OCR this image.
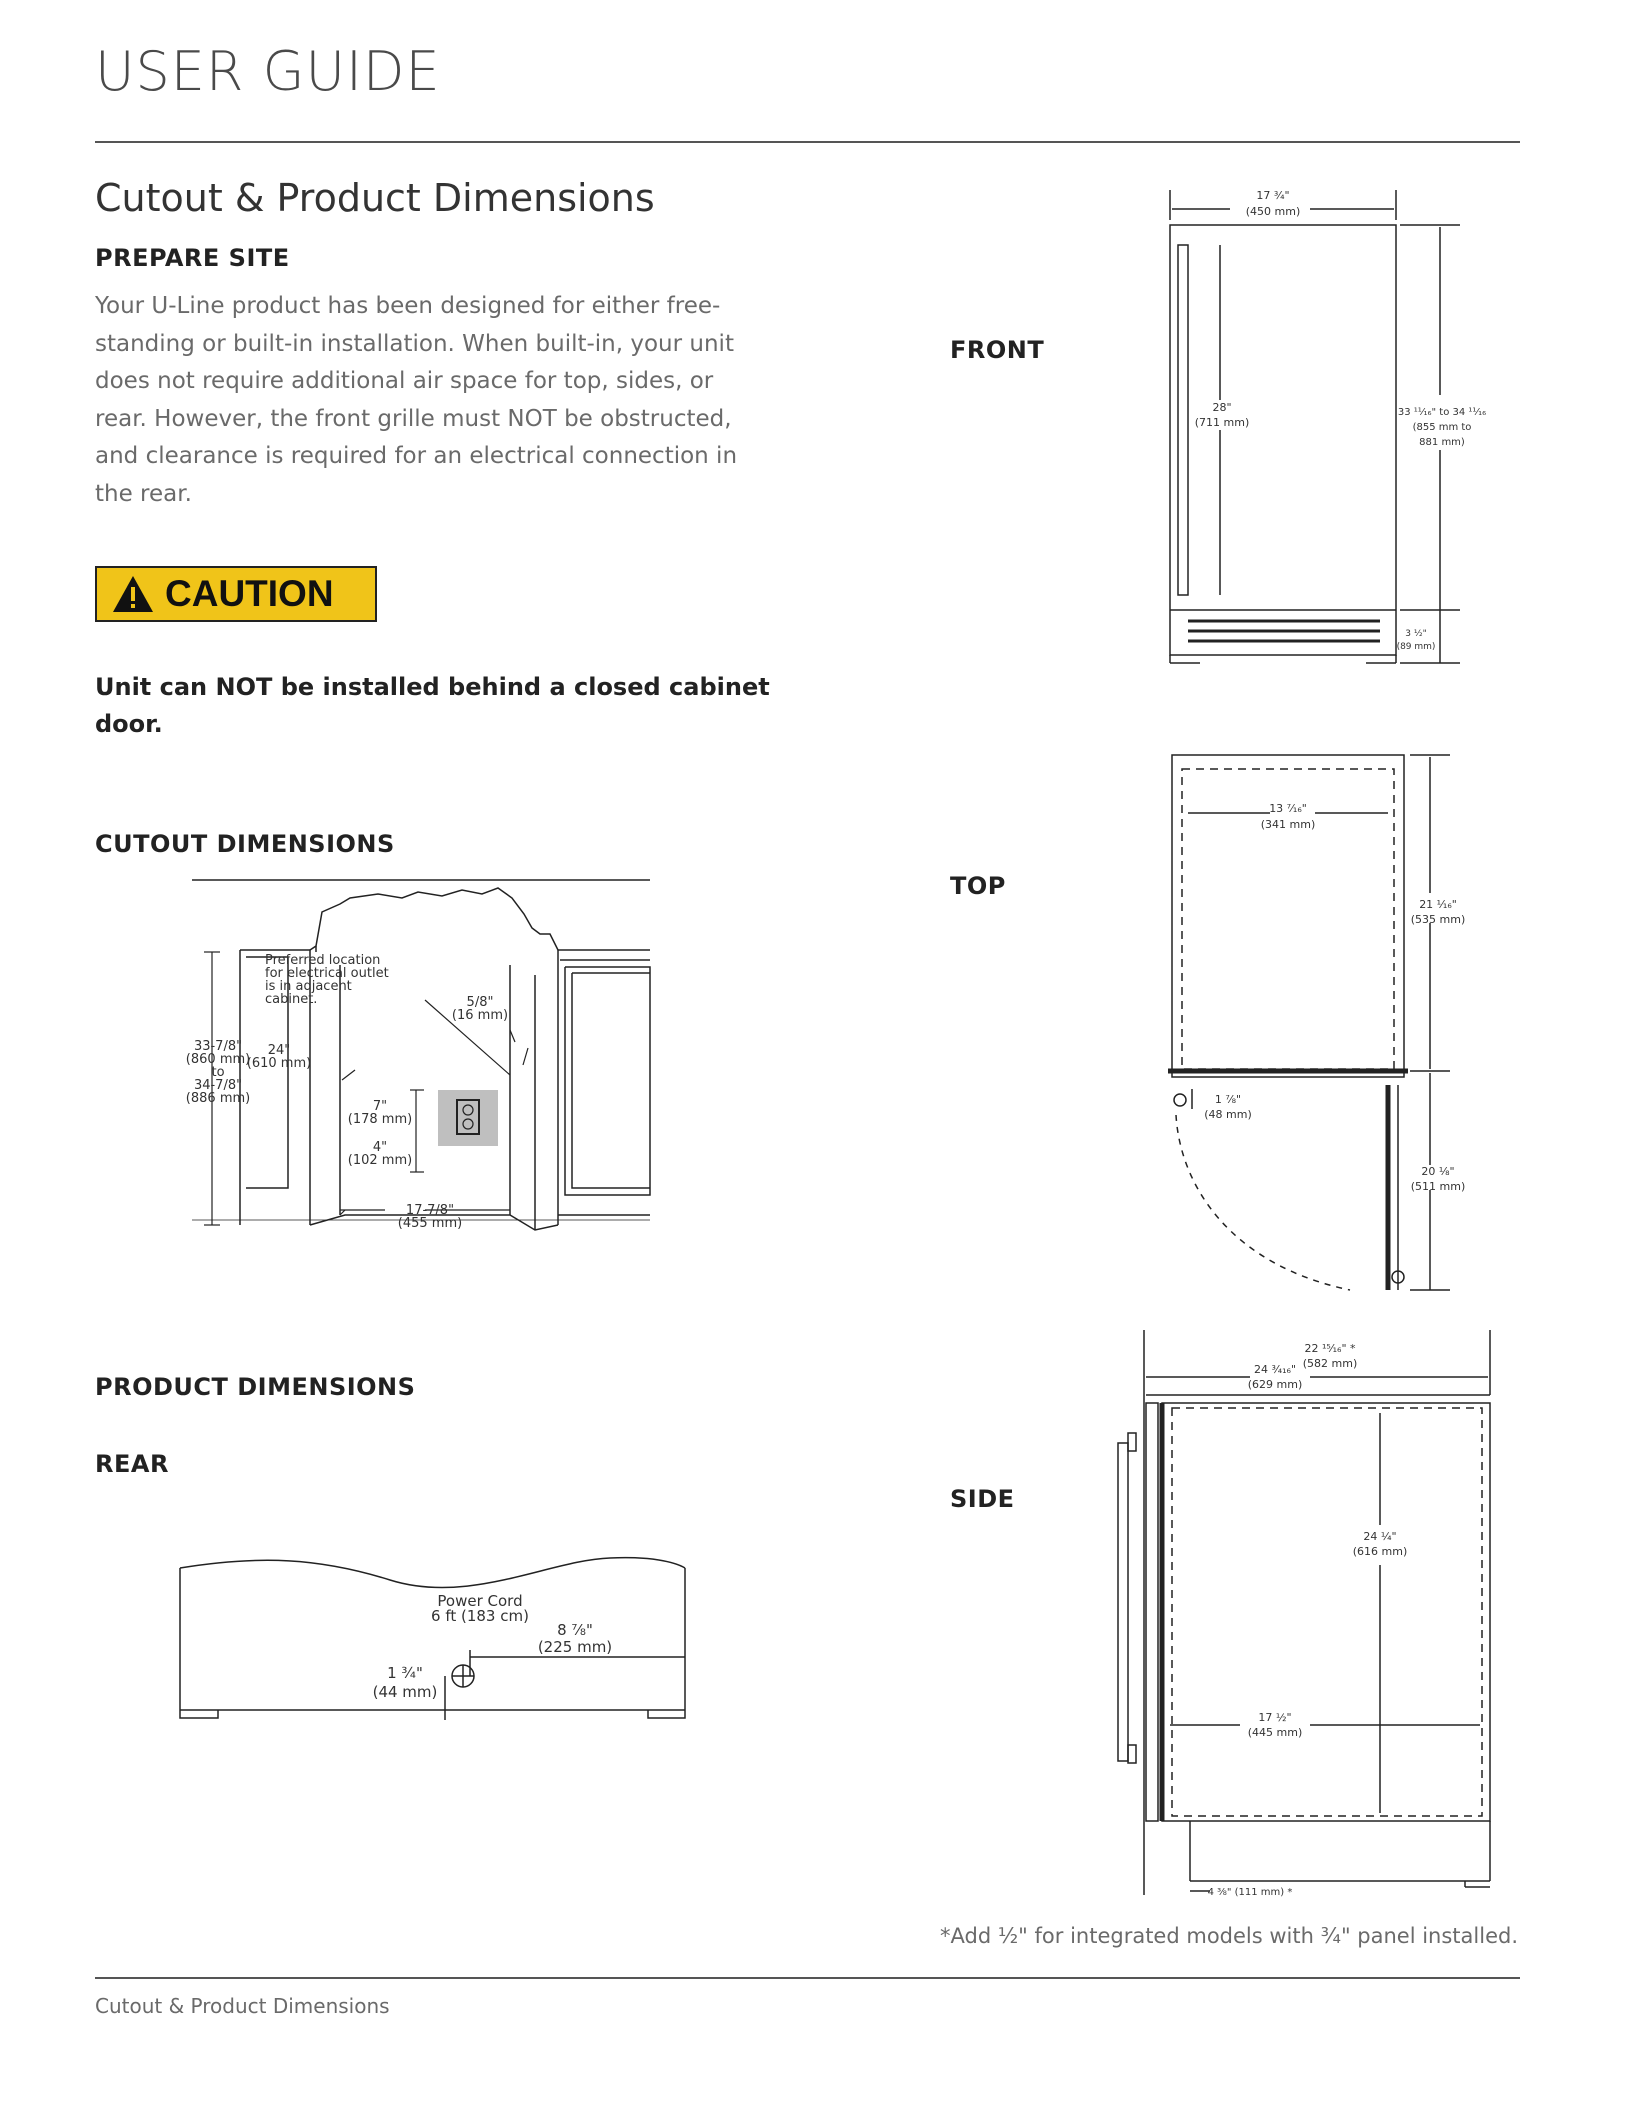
USER GUIDE
Cutout & Product Dimensions
PREPARE SITE
Your U-Line product has been designed for either free-
standing or built-in installation. When built-in, your unit
does not require additional air space for top, sides, or
rear. However, the front grille must NOT be obstructed,
and clearance is required for an electrical connection in
the rear.
CAUTION
Unit can NOT be installed behind a closed cabinet
door.
CUTOUT DIMENSIONS
Preferred location
for electrical outlet
is in adjacent
cabinet.	5/8"
(16 mm)
24"
(610 mm)
33-7/8"
(860 mm)
to
34-7/8"
(886 mm)
7"
(178 mm)
4"
(102 mm)
17-7/8"
(455 mm)
PRODUCT DIMENSIONS
REAR
Power Cord
6 ft (183 cm)
8 ⅞"
(225 mm)
1 ¾"
(44 mm)
FRONT
17 ¾"
(450 mm)
28"
(711 mm)
33 ¹¹⁄₁₆" to 34 ¹¹⁄₁₆
(855 mm to
881 mm)
3 ½"
(89 mm)
TOP
13 ⁷⁄₁₆"
(341 mm)
21 ¹⁄₁₆"
(535 mm)
1 ⅞"
(48 mm)
20 ⅛"
(511 mm)
SIDE
22 ¹⁵⁄₁₆" *
(582 mm)
24 ¾₁₆"
(629 mm)
24 ¼"
(616 mm)
17 ½"
(445 mm)
4 ⅜" (111 mm) *
*Add ½" for integrated models with ¾" panel installed.
Cutout & Product Dimensions
